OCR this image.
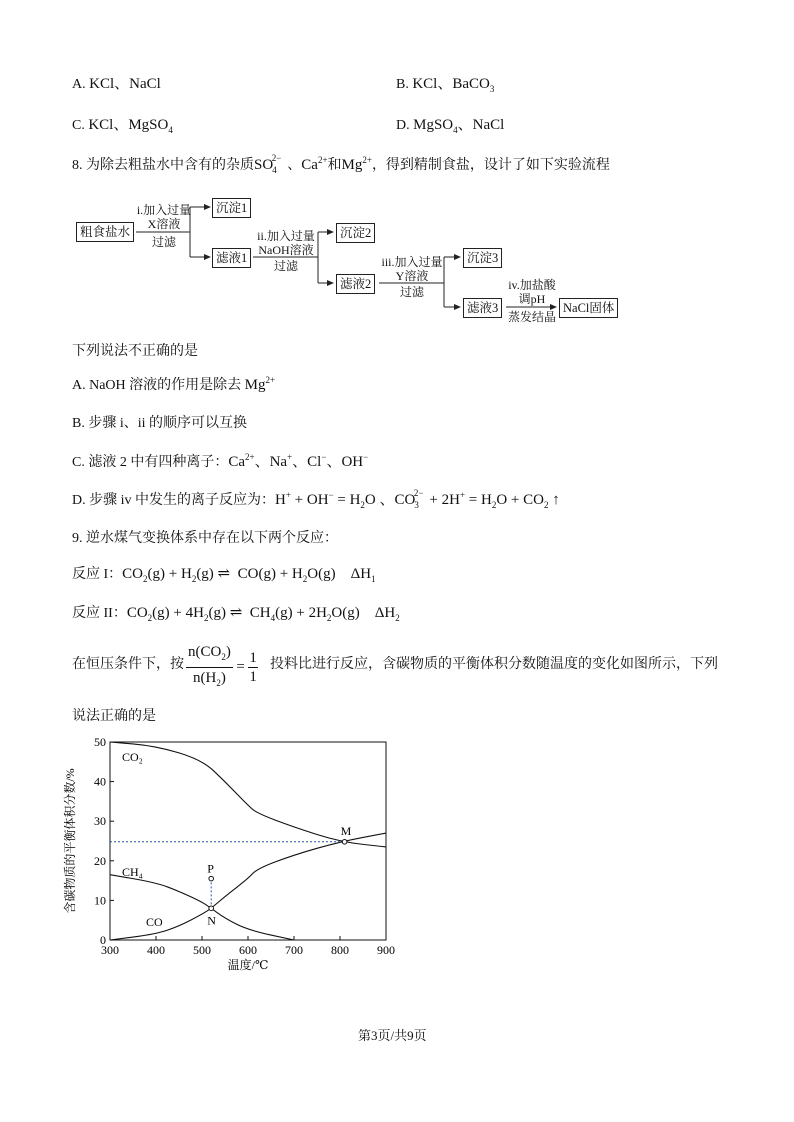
A. KCl、NaCl	B. KCl、BaCO$_3$
C. KCl、MgSO$_4$	D. MgSO$_4$、NaCl
8. 为除去粗盐水中含有的杂质$SO_4^{2-}$ 、$Ca^{2+}$和$Mg^{2+}$，得到精制食盐，设计了如下实验流程
粗食盐水
i.加入过量
X溶液
过滤
沉淀1
滤液1
ii.加入过量
NaOH溶液
过滤
沉淀2
滤液2
iii.加入过量
Y溶液
过滤
沉淀3
滤液3
iv.加盐酸
调pH
蒸发结晶
NaCl固体
下列说法不正确的是
A. NaOH 溶液的作用是除去 $Mg^{2+}$
B. 步骤 i、ii 的顺序可以互换
C. 滤液 2 中有四种离子：$Ca^{2+}$、Na+、Cl−、OH−
D. 步骤 iv 中发生的离子反应为：$H^+ + OH^- = H_2O$ 、$CO_3^{2-} + 2H^+ = H_2O + CO_2$ ↑
9. 逆水煤气变换体系中存在以下两个反应：
反应 I：$CO_2(g) + H_2(g)$ ⇌  $CO(g) + H_2O(g)$    $\Delta H_1$
反应 II：$CO_2(g) + 4H_2(g)$ ⇌  $CH_4(g) + 2H_2O(g)$    $\Delta H_2$
在恒压条件下，按 $\frac{n(CO_2)}{n(H_2)} = \frac{1}{1}$ 投料比进行反应，含碳物质的平衡体积分数随温度的变化如图所示，下列
说法正确的是
300 400 500 600 700 800 900
0
10
20
30
40
50
CO₂
CH₄
CO
M
N
P
含碳物质的平衡体积分数/%
温度/℃
第3页/共9页
